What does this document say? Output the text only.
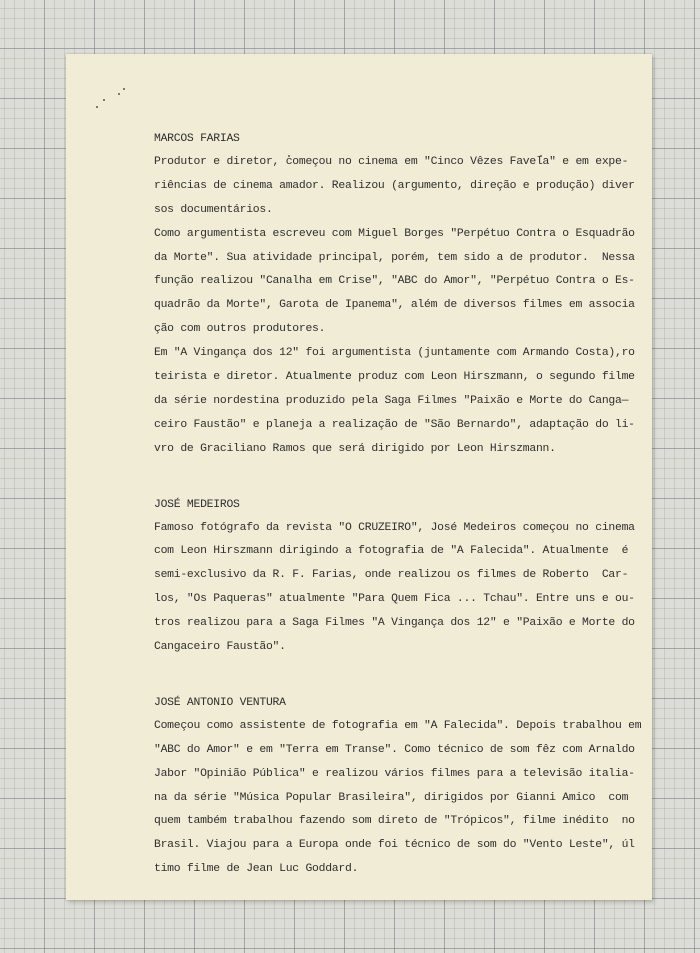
MARCOS FARIAS
Produtor e diretor, começou no cinema em "Cinco Vêzes Favela" e em expe-
riências de cinema amador. Realizou (argumento, direção e produção) diver
sos documentários.
Como argumentista escreveu com Miguel Borges "Perpétuo Contra o Esquadrão
da Morte". Sua atividade principal, porém, tem sido a de produtor.  Nessa
função realizou "Canalha em Crise", "ABC do Amor", "Perpétuo Contra o Es-
quadrão da Morte", Garota de Ipanema", além de diversos filmes em associa
ção com outros produtores.
Em "A Vingança dos 12" foi argumentista (juntamente com Armando Costa),ro
teirista e diretor. Atualmente produz com Leon Hirszmann, o segundo filme
da série nordestina produzido pela Saga Filmes "Paixão e Morte do Canga—
ceiro Faustão" e planeja a realização de "São Bernardo", adaptação do li-
vro de Graciliano Ramos que será dirigido por Leon Hirszmann.
JOSÉ MEDEIROS
Famoso fotógrafo da revista "O CRUZEIRO", José Medeiros começou no cinema
com Leon Hirszmann dirigindo a fotografia de "A Falecida". Atualmente  é
semi-exclusivo da R. F. Farias, onde realizou os filmes de Roberto  Car-
los, "Os Paqueras" atualmente "Para Quem Fica ... Tchau". Entre uns e ou-
tros realizou para a Saga Filmes "A Vingança dos 12" e "Paixão e Morte do
Cangaceiro Faustão".
JOSÉ ANTONIO VENTURA
Começou como assistente de fotografia em "A Falecida". Depois trabalhou em
"ABC do Amor" e em "Terra em Transe". Como técnico de som fêz com Arnaldo
Jabor "Opinião Pública" e realizou vários filmes para a televisão italia-
na da série "Música Popular Brasileira", dirigidos por Gianni Amico  com
quem também trabalhou fazendo som direto de "Trópicos", filme inédito  no
Brasil. Viajou para a Europa onde foi técnico de som do "Vento Leste", úl
timo filme de Jean Luc Goddard.
